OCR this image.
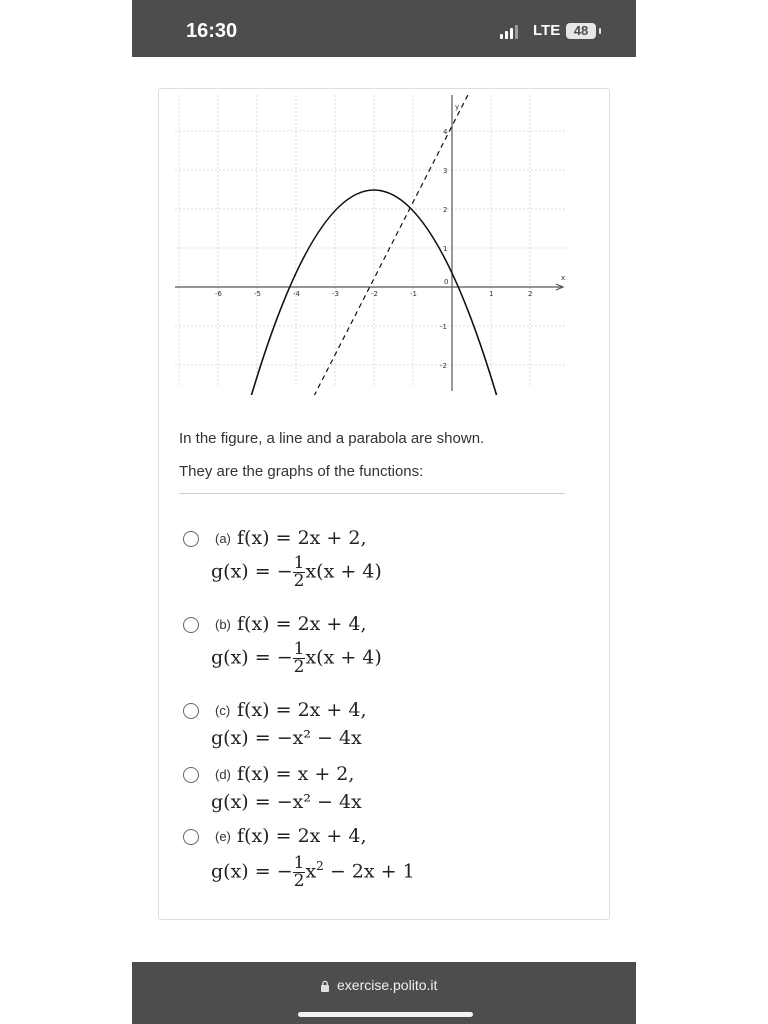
16:30	LTE	48
x
y
-6	-5	-4	-3	-2	-1	1	2
4
3
2
1
-1
-2
0
In the figure, a line and a parabola are shown.
They are the graphs of the functions:
(a) f(x) = 2x + 2,
g(x) = − $\frac{1}{2} x(x + 4)$
(b) f(x) = 2x + 4,
g(x) = − $\frac{1}{2} x(x + 4)$
(c) f(x) = 2x + 4,
g(x) = −x² − 4x
(d) f(x) = x + 2,
g(x) = −x² − 4x
(e) f(x) = 2x + 4,
g(x) = − $\frac{1}{2} x^2 - 2x + 1$
exercise.polito.it
